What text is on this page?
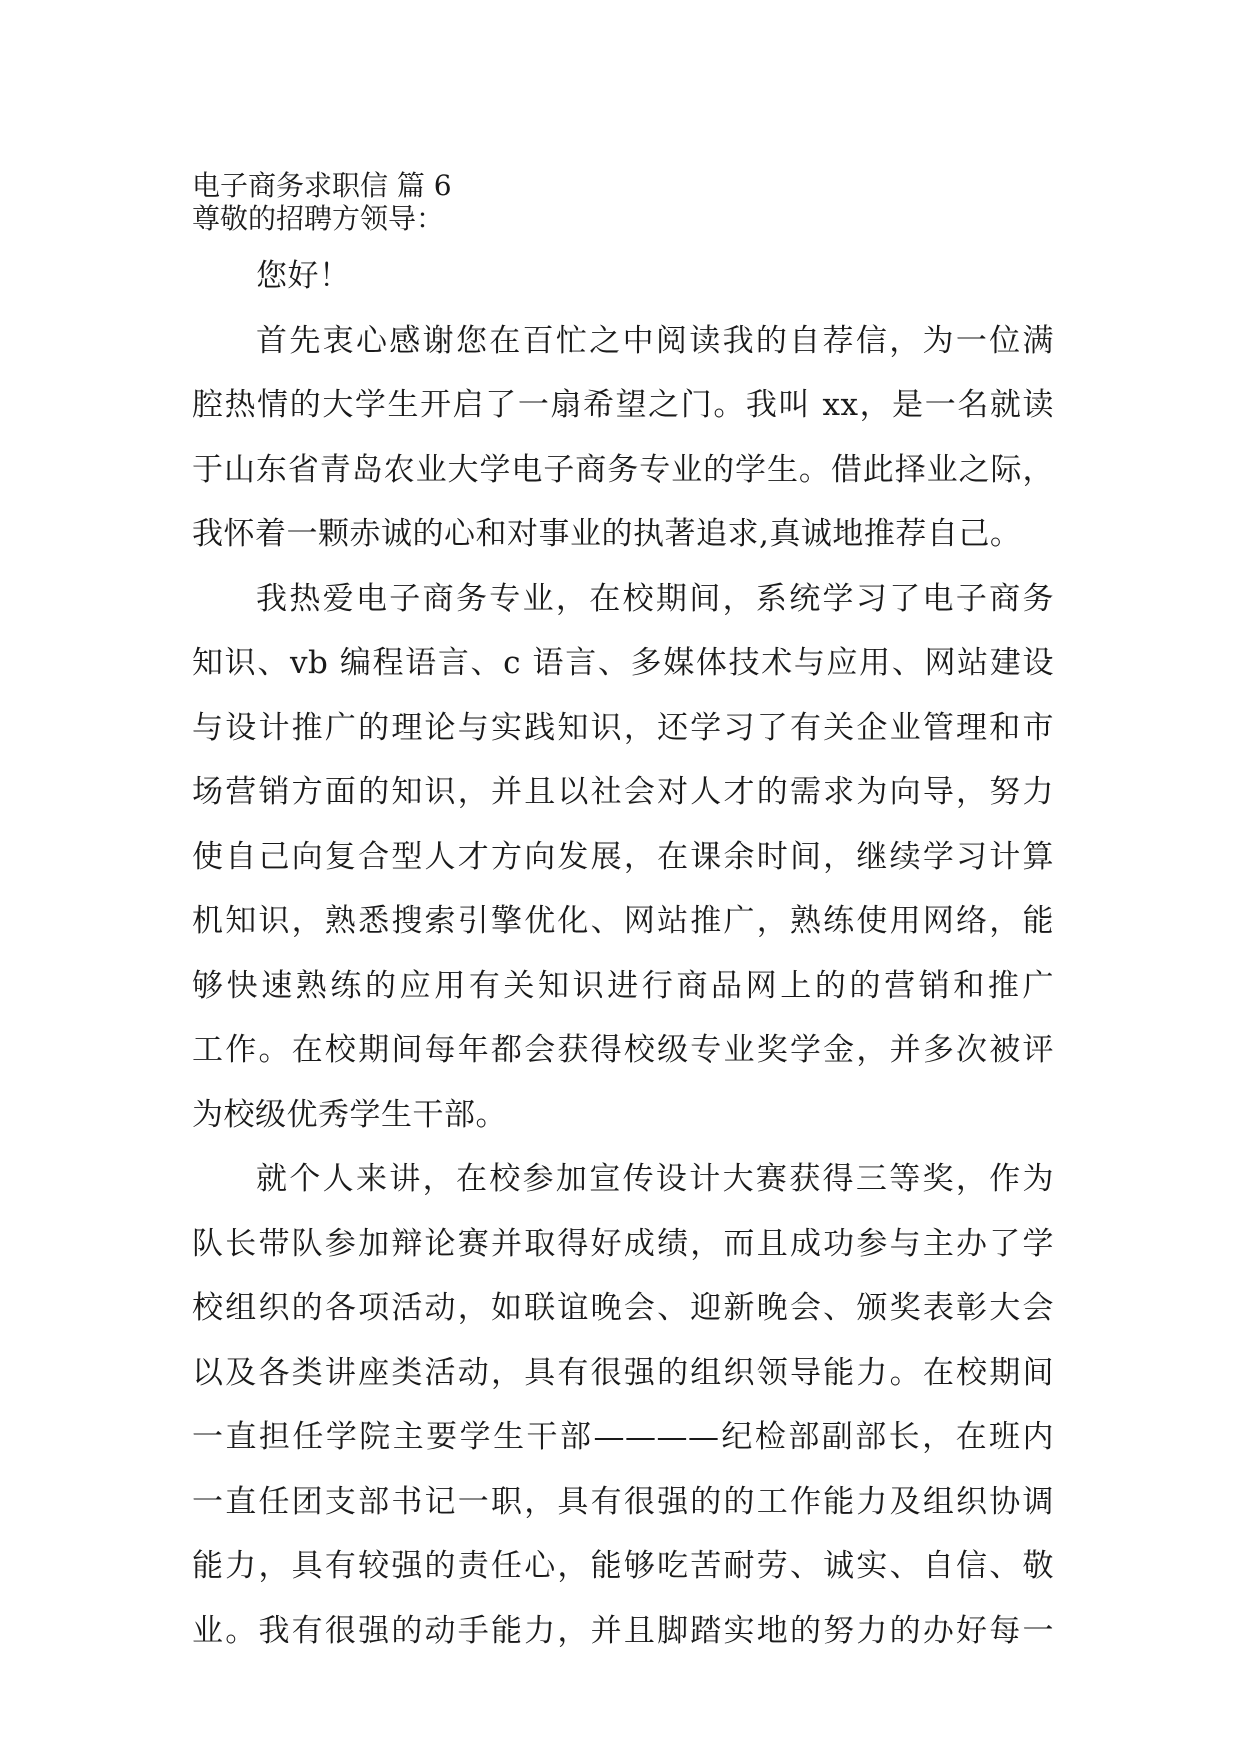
电子商务求职信 篇 6

尊敬的招聘方领导：

您好！
首先衷心感谢您在百忙之中阅读我的自荐信，为一位满
腔热情的大学生开启了一扇希望之门。我叫 xx，是一名就读
于山东省青岛农业大学电子商务专业的学生。借此择业之际，
我怀着一颗赤诚的心和对事业的执著追求,真诚地推荐自己。
我热爱电子商务专业，在校期间，系统学习了电子商务
知识、vb 编程语言、c 语言、多媒体技术与应用、网站建设
与设计推广的理论与实践知识，还学习了有关企业管理和市
场营销方面的知识，并且以社会对人才的需求为向导，努力
使自己向复合型人才方向发展，在课余时间，继续学习计算
机知识，熟悉搜索引擎优化、网站推广，熟练使用网络，能
够快速熟练的应用有关知识进行商品网上的的营销和推广
工作。在校期间每年都会获得校级专业奖学金，并多次被评
为校级优秀学生干部。
就个人来讲，在校参加宣传设计大赛获得三等奖，作为
队长带队参加辩论赛并取得好成绩，而且成功参与主办了学
校组织的各项活动，如联谊晚会、迎新晚会、颁奖表彰大会
以及各类讲座类活动，具有很强的组织领导能力。在校期间
一直担任学院主要学生干部————纪检部副部长，在班内
一直任团支部书记一职，具有很强的的工作能力及组织协调
能力，具有较强的责任心，能够吃苦耐劳、诚实、自信、敬
业。我有很强的动手能力，并且脚踏实地的努力的办好每一
